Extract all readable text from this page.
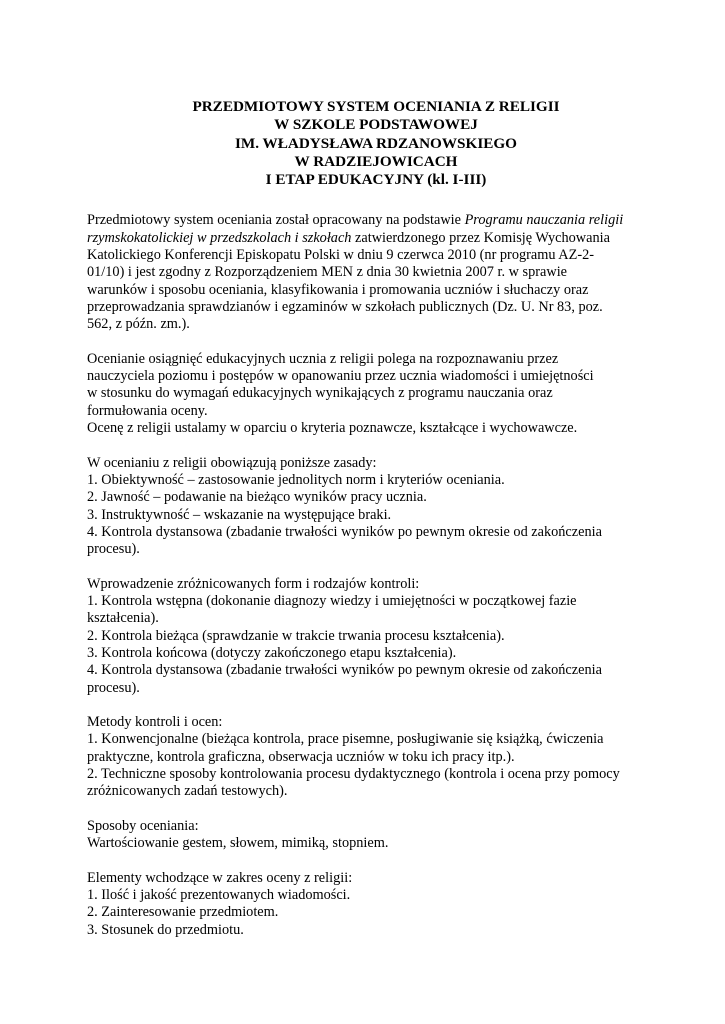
PRZEDMIOTOWY SYSTEM OCENIANIA Z RELIGII
W SZKOLE PODSTAWOWEJ
IM. WŁADYSŁAWA RDZANOWSKIEGO
W RADZIEJOWICACH
I ETAP EDUKACYJNY (kl. I-III)
Przedmiotowy system oceniania został opracowany na podstawie Programu nauczania religii
rzymskokatolickiej w przedszkolach i szkołach zatwierdzonego przez Komisję Wychowania
Katolickiego Konferencji Episkopatu Polski w dniu 9 czerwca 2010 (nr programu AZ-2-
01/10) i jest zgodny z Rozporządzeniem MEN z dnia 30 kwietnia 2007 r. w sprawie
warunków i sposobu oceniania, klasyfikowania i promowania uczniów i słuchaczy oraz
przeprowadzania sprawdzianów i egzaminów w szkołach publicznych (Dz. U. Nr 83, poz.
562, z późn. zm.).
Ocenianie osiągnięć edukacyjnych ucznia z religii polega na rozpoznawaniu przez
nauczyciela poziomu i postępów w opanowaniu przez ucznia wiadomości i umiejętności
w stosunku do wymagań edukacyjnych wynikających z programu nauczania oraz
formułowania oceny.
Ocenę z religii ustalamy w oparciu o kryteria poznawcze, kształcące i wychowawcze.
W ocenianiu z religii obowiązują poniższe zasady:
1. Obiektywność – zastosowanie jednolitych norm i kryteriów oceniania.
2. Jawność – podawanie na bieżąco wyników pracy ucznia.
3. Instruktywność – wskazanie na występujące braki.
4. Kontrola dystansowa (zbadanie trwałości wyników po pewnym okresie od zakończenia
procesu).
Wprowadzenie zróżnicowanych form i rodzajów kontroli:
1. Kontrola wstępna (dokonanie diagnozy wiedzy i umiejętności w początkowej fazie
kształcenia).
2. Kontrola bieżąca (sprawdzanie w trakcie trwania procesu kształcenia).
3. Kontrola końcowa (dotyczy zakończonego etapu kształcenia).
4. Kontrola dystansowa (zbadanie trwałości wyników po pewnym okresie od zakończenia
procesu).
Metody kontroli i ocen:
1. Konwencjonalne (bieżąca kontrola, prace pisemne, posługiwanie się książką, ćwiczenia
praktyczne, kontrola graficzna, obserwacja uczniów w toku ich pracy itp.).
2. Techniczne sposoby kontrolowania procesu dydaktycznego (kontrola i ocena przy pomocy
zróżnicowanych zadań testowych).
Sposoby oceniania:
Wartościowanie gestem, słowem, mimiką, stopniem.
Elementy wchodzące w zakres oceny z religii:
1. Ilość i jakość prezentowanych wiadomości.
2. Zainteresowanie przedmiotem.
3. Stosunek do przedmiotu.
